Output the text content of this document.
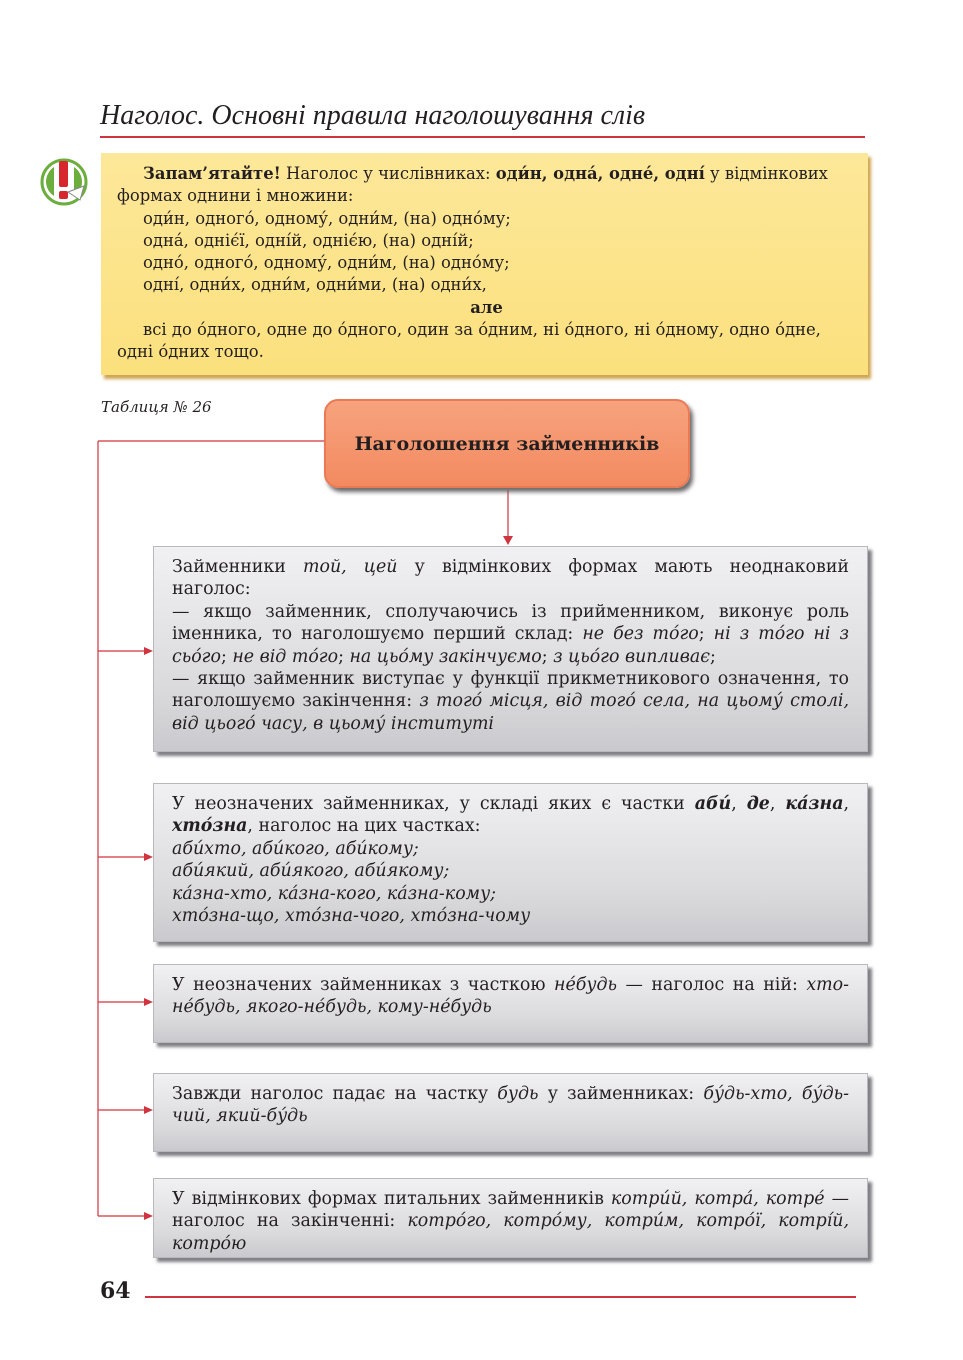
Наголос. Основні правила наголошування слів

Запам’ятайте! Наголос у числівниках: оди́н, одна́, одне́, одні́ у відмінкових формах однини і множини:

оди́н, одного́, одному́, одни́м, (на) одно́му;

одна́, одніє́ї, одні́й, одніє́ю, (на) одні́й;

одно́, одного́, одному́, одни́м, (на) одно́му;

одні́, одни́х, одни́м, одни́ми, (на) одни́х,

але

всі до о́дного, одне до о́дного, один за о́дним, ні о́дного, ні о́дному, одно о́дне, одні о́дних тощо.

Таблиця № 26
Наголошення займенників

Займенники той, цей у відмінкових формах мають неоднаковий наголос:
— якщо займенник, сполучаючись із прийменником, виконує роль іменника, то наголошуємо перший склад: не без то́го; ні з то́го ні з сьо́го; не від то́го; на цьо́му закінчуємо; з цьо́го випливає;
— якщо займенник виступає у функції прикметникового означення, то наголошуємо закінчення: з того́ місця, від того́ села, на цьому́ столі, від цього́ часу, в цьому́ інституті

У неозначених займенниках, у складі яких є частки абú, де, ка́зна, хто́зна, наголос на цих частках:
абúхто, абúкого, абúкому;
абúякий, абúякого, абúякому;
ка́зна-хто, ка́зна-кого, ка́зна-кому;
хто́зна-що, хто́зна-чого, хто́зна-чому

У неозначених займенниках з часткою не́будь — наголос на ній: хто-не́будь, якого-не́будь, кому-не́будь

Завжди наголос падає на частку будь у займенниках: бу́дь-хто, бу́дь-чий, який-бу́дь

У відмінкових формах питальних займенників котри́й, котра́, котре́ — наголос на закінченні: котро́го, котро́му, котри́м, котро́ї, котрі́й, котро́ю

64
